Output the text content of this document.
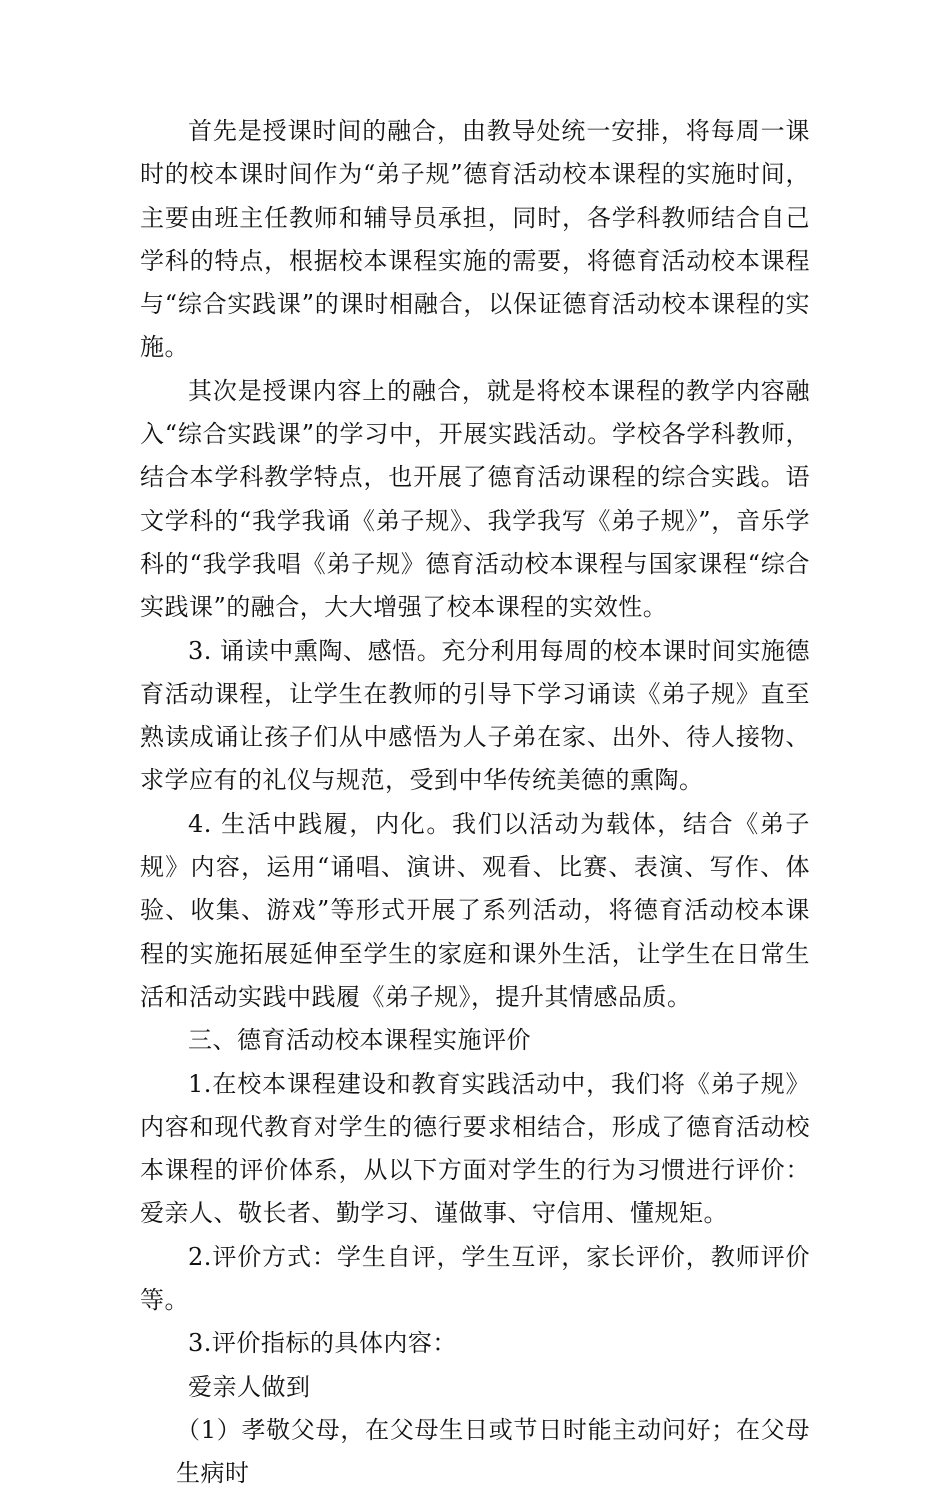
首先是授课时间的融合，由教导处统一安排，将每周一课时的校本课时间作为“弟子规”德育活动校本课程的实施时间，主要由班主任教师和辅导员承担，同时，各学科教师结合自己学科的特点，根据校本课程实施的需要，将德育活动校本课程与“综合实践课”的课时相融合，以保证德育活动校本课程的实施。

其次是授课内容上的融合，就是将校本课程的教学内容融入“综合实践课”的学习中，开展实践活动。学校各学科教师，结合本学科教学特点，也开展了德育活动课程的综合实践。语文学科的“我学我诵《弟子规》、我学我写《弟子规》”，音乐学科的“我学我唱《弟子规》德育活动校本课程与国家课程“综合实践课”的融合，大大增强了校本课程的实效性。

3. 诵读中熏陶、感悟。充分利用每周的校本课时间实施德育活动课程，让学生在教师的引导下学习诵读《弟子规》直至熟读成诵让孩子们从中感悟为人子弟在家、出外、待人接物、求学应有的礼仪与规范，受到中华传统美德的熏陶。

4. 生活中践履，内化。我们以活动为载体，结合《弟子规》内容，运用“诵唱、演讲、观看、比赛、表演、写作、体验、收集、游戏”等形式开展了系列活动，将德育活动校本课程的实施拓展延伸至学生的家庭和课外生活，让学生在日常生活和活动实践中践履《弟子规》，提升其情感品质。

三、德育活动校本课程实施评价

1.在校本课程建设和教育实践活动中，我们将《弟子规》内容和现代教育对学生的德行要求相结合，形成了德育活动校本课程的评价体系，从以下方面对学生的行为习惯进行评价：爱亲人、敬长者、勤学习、谨做事、守信用、懂规矩。

2.评价方式：学生自评，学生互评，家长评价，教师评价等。

3.评价指标的具体内容：

爱亲人做到

（1）孝敬父母，在父母生日或节日时能主动问好；在父母生病时
